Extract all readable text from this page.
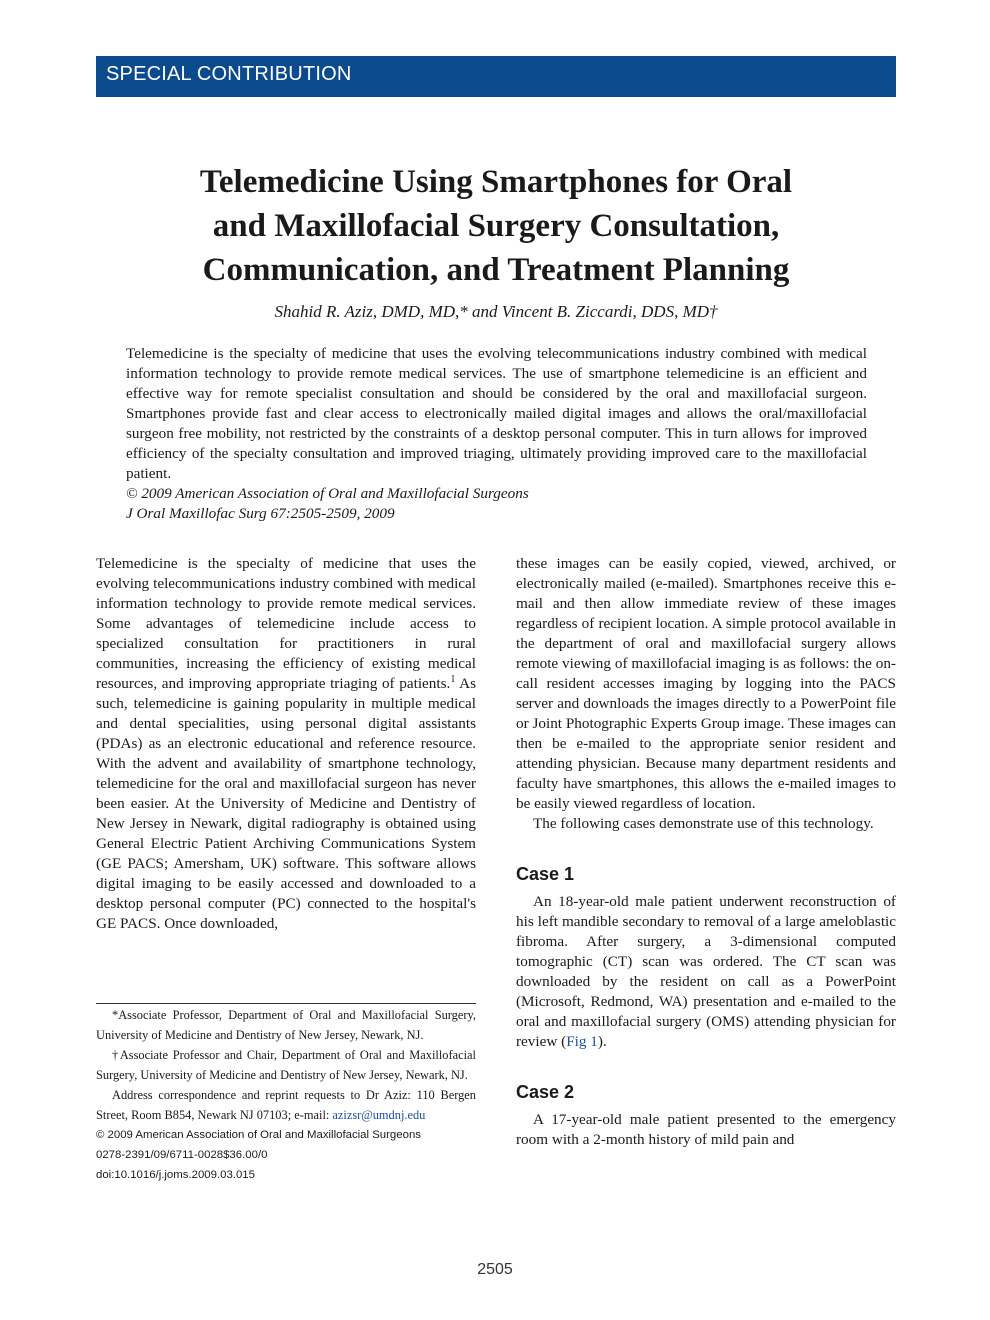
SPECIAL CONTRIBUTION
Telemedicine Using Smartphones for Oral
and Maxillofacial Surgery Consultation,
Communication, and Treatment Planning
Shahid R. Aziz, DMD, MD,* and Vincent B. Ziccardi, DDS, MD†

Telemedicine is the specialty of medicine that uses the evolving telecommunications industry combined with medical information technology to provide remote medical services. The use of smartphone telemedicine is an efficient and effective way for remote specialist consultation and should be considered by the oral and maxillofacial surgeon. Smartphones provide fast and clear access to electronically mailed digital images and allows the oral/maxillofacial surgeon free mobility, not restricted by the constraints of a desktop personal computer. This in turn allows for improved efficiency of the specialty consultation and improved triaging, ultimately providing improved care to the maxillofacial patient.

© 2009 American Association of Oral and Maxillofacial Surgeons
J Oral Maxillofac Surg 67:2505-2509, 2009

Telemedicine is the specialty of medicine that uses the evolving telecommunications industry combined with medical information technology to provide remote medical services. Some advantages of telemedicine include access to specialized consultation for practitioners in rural communities, increasing the efficiency of existing medical resources, and improving appropriate triaging of patients.$^1$ As such, telemedicine is gaining popularity in multiple medical and dental specialities, using personal digital assistants (PDAs) as an electronic educational and reference resource. With the advent and availability of smartphone technology, telemedicine for the oral and maxillofacial surgeon has never been easier. At the University of Medicine and Dentistry of New Jersey in Newark, digital radiography is obtained using General Electric Patient Archiving Communications System (GE PACS; Amersham, UK) software. This software allows digital imaging to be easily accessed and downloaded to a desktop personal computer (PC) connected to the hospital's GE PACS. Once downloaded,

*Associate Professor, Department of Oral and Maxillofacial Surgery, University of Medicine and Dentistry of New Jersey, Newark, NJ.

†Associate Professor and Chair, Department of Oral and Maxillofacial Surgery, University of Medicine and Dentistry of New Jersey, Newark, NJ.

Address correspondence and reprint requests to Dr Aziz: 110 Bergen Street, Room B854, Newark NJ 07103; e-mail: azizsr@umdnj.edu

© 2009 American Association of Oral and Maxillofacial Surgeons

0278-2391/09/6711-0028$36.00/0

doi:10.1016/j.joms.2009.03.015

these images can be easily copied, viewed, archived, or electronically mailed (e-mailed). Smartphones receive this e-mail and then allow immediate review of these images regardless of recipient location. A simple protocol available in the department of oral and maxillofacial surgery allows remote viewing of maxillofacial imaging is as follows: the on-call resident accesses imaging by logging into the PACS server and downloads the images directly to a PowerPoint file or Joint Photographic Experts Group image. These images can then be e-mailed to the appropriate senior resident and attending physician. Because many department residents and faculty have smartphones, this allows the e-mailed images to be easily viewed regardless of location.

The following cases demonstrate use of this technology.

Case 1

An 18-year-old male patient underwent reconstruction of his left mandible secondary to removal of a large ameloblastic fibroma. After surgery, a 3-dimensional computed tomographic (CT) scan was ordered. The CT scan was downloaded by the resident on call as a PowerPoint (Microsoft, Redmond, WA) presentation and e-mailed to the oral and maxillofacial surgery (OMS) attending physician for review (Fig 1).

Case 2

A 17-year-old male patient presented to the emergency room with a 2-month history of mild pain and

2505
